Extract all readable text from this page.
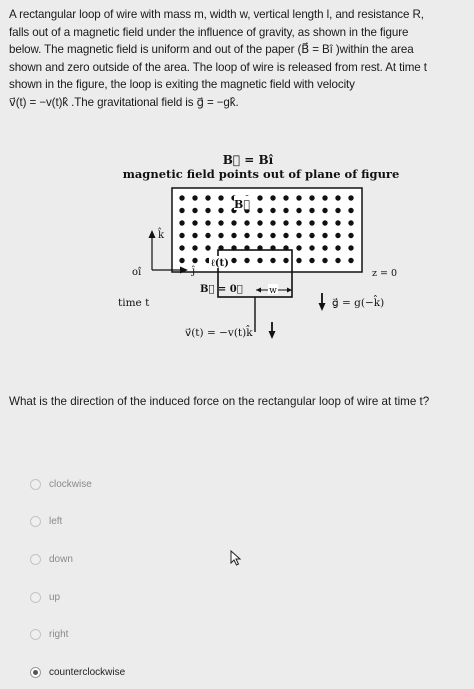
A rectangular loop of wire with mass m, width w, vertical length l, and resistance R,
falls out of a magnetic field under the influence of gravity, as shown in the figure
below. The magnetic field is uniform and out of the paper (B⃗ = Bî )within the area
shown and zero outside of the area. The loop of wire is released from rest. At time t
shown in the figure, the loop is exiting the magnetic field with velocity
v⃗(t) = −v(t)k̂ .The gravitational field is g⃗ = −gk̂.
B⃗ = Bî
magnetic field points out of plane of figure
B⃗
ℓ(t)
k̂
oî	ĵ	z = 0
B⃗ = 0⃗	w
time t	g⃗ = g(−k̂)
v⃗(t) = −v(t)k̂
What is the direction of the induced force on the rectangular loop of wire at time t?
clockwise
left
down
up
right
counterclockwise
